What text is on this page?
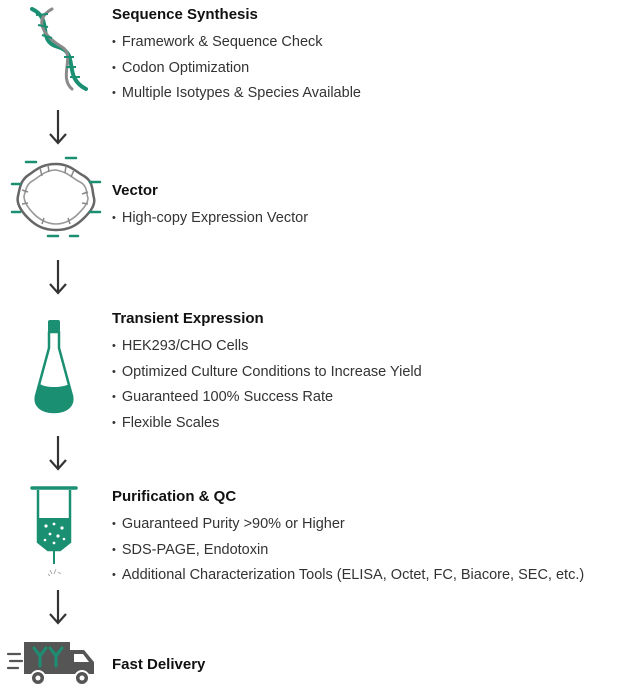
Sequence Synthesis
• Framework & Sequence Check
• Codon Optimization
• Multiple Isotypes & Species Available
Vector
• High-copy Expression Vector
Transient Expression
• HEK293/CHO Cells
• Optimized Culture Conditions to Increase Yield
• Guaranteed 100% Success Rate
• Flexible Scales
Purification & QC
• Guaranteed Purity >90% or Higher
• SDS-PAGE, Endotoxin
• Additional Characterization Tools (ELISA, Octet, FC, Biacore, SEC, etc.)
Fast Delivery
